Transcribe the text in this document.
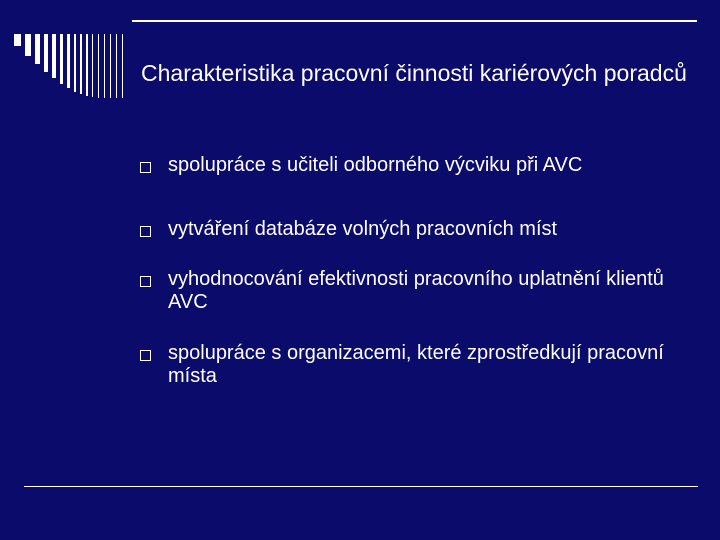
Charakteristika pracovní činnosti kariérových poradců
spolupráce s učiteli odborného výcviku při AVC
vytváření databáze volných pracovních míst
vyhodnocování efektivnosti pracovního uplatnění klientů AVC
spolupráce s organizacemi, které zprostředkují pracovní místa
